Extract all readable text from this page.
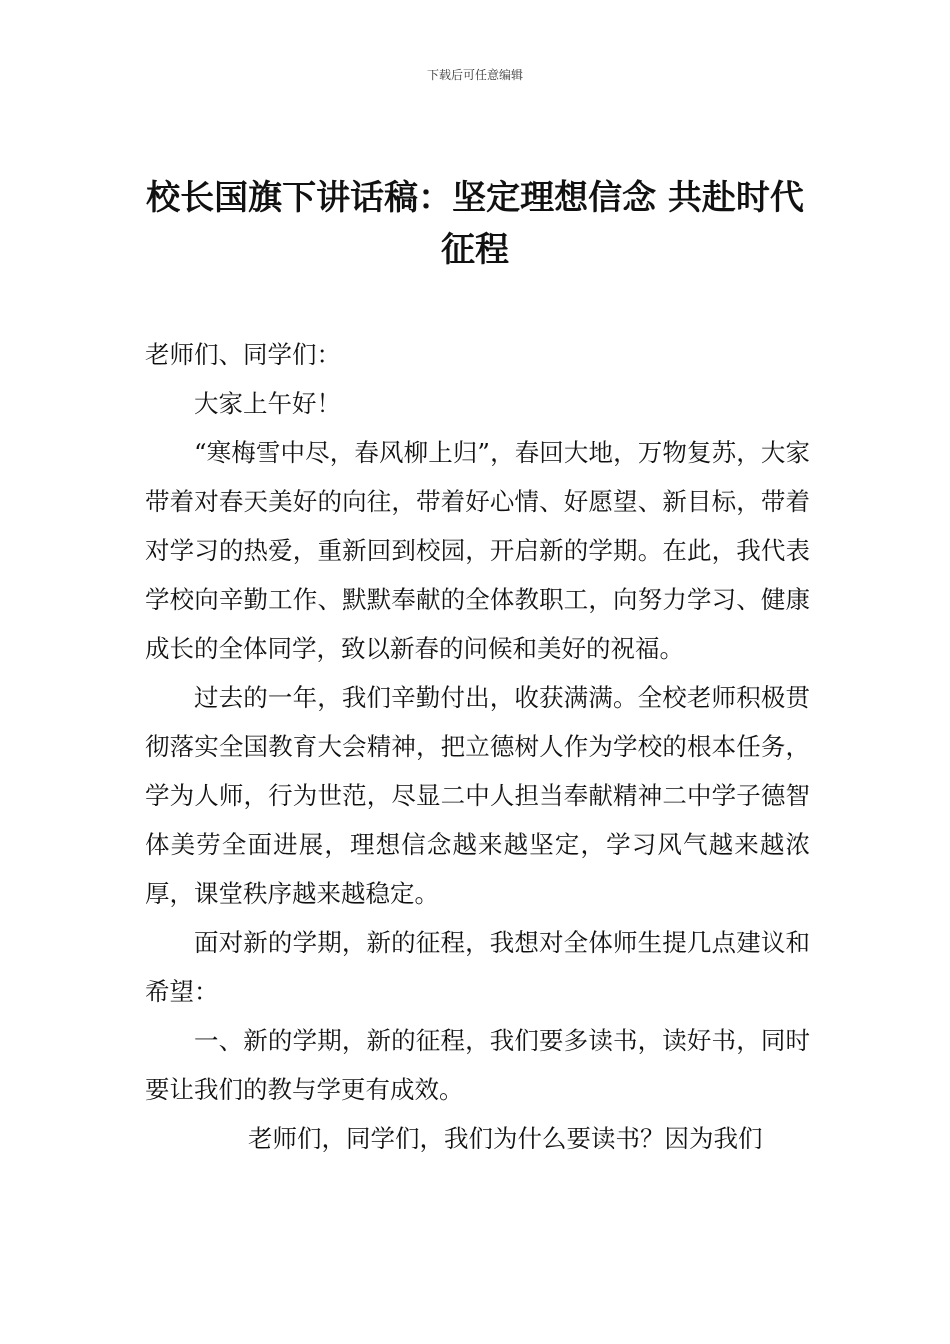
下载后可任意编辑
校长国旗下讲话稿：坚定理想信念 共赴时代征程

老师们、同学们：

大家上午好！

“寒梅雪中尽，春风柳上归”，春回大地，万物复苏，大家带着对春天美好的向往，带着好心情、好愿望、新目标，带着对学习的热爱，重新回到校园，开启新的学期。在此，我代表学校向辛勤工作、默默奉献的全体教职工，向努力学习、健康成长的全体同学，致以新春的问候和美好的祝福。

过去的一年，我们辛勤付出，收获满满。全校老师积极贯彻落实全国教育大会精神，把立德树人作为学校的根本任务，学为人师，行为世范，尽显二中人担当奉献精神二中学子德智体美劳全面进展，理想信念越来越坚定，学习风气越来越浓厚，课堂秩序越来越稳定。

面对新的学期，新的征程，我想对全体师生提几点建议和希望：

一、新的学期，新的征程，我们要多读书，读好书，同时要让我们的教与学更有成效。

老师们，同学们，我们为什么要读书？因为我们
